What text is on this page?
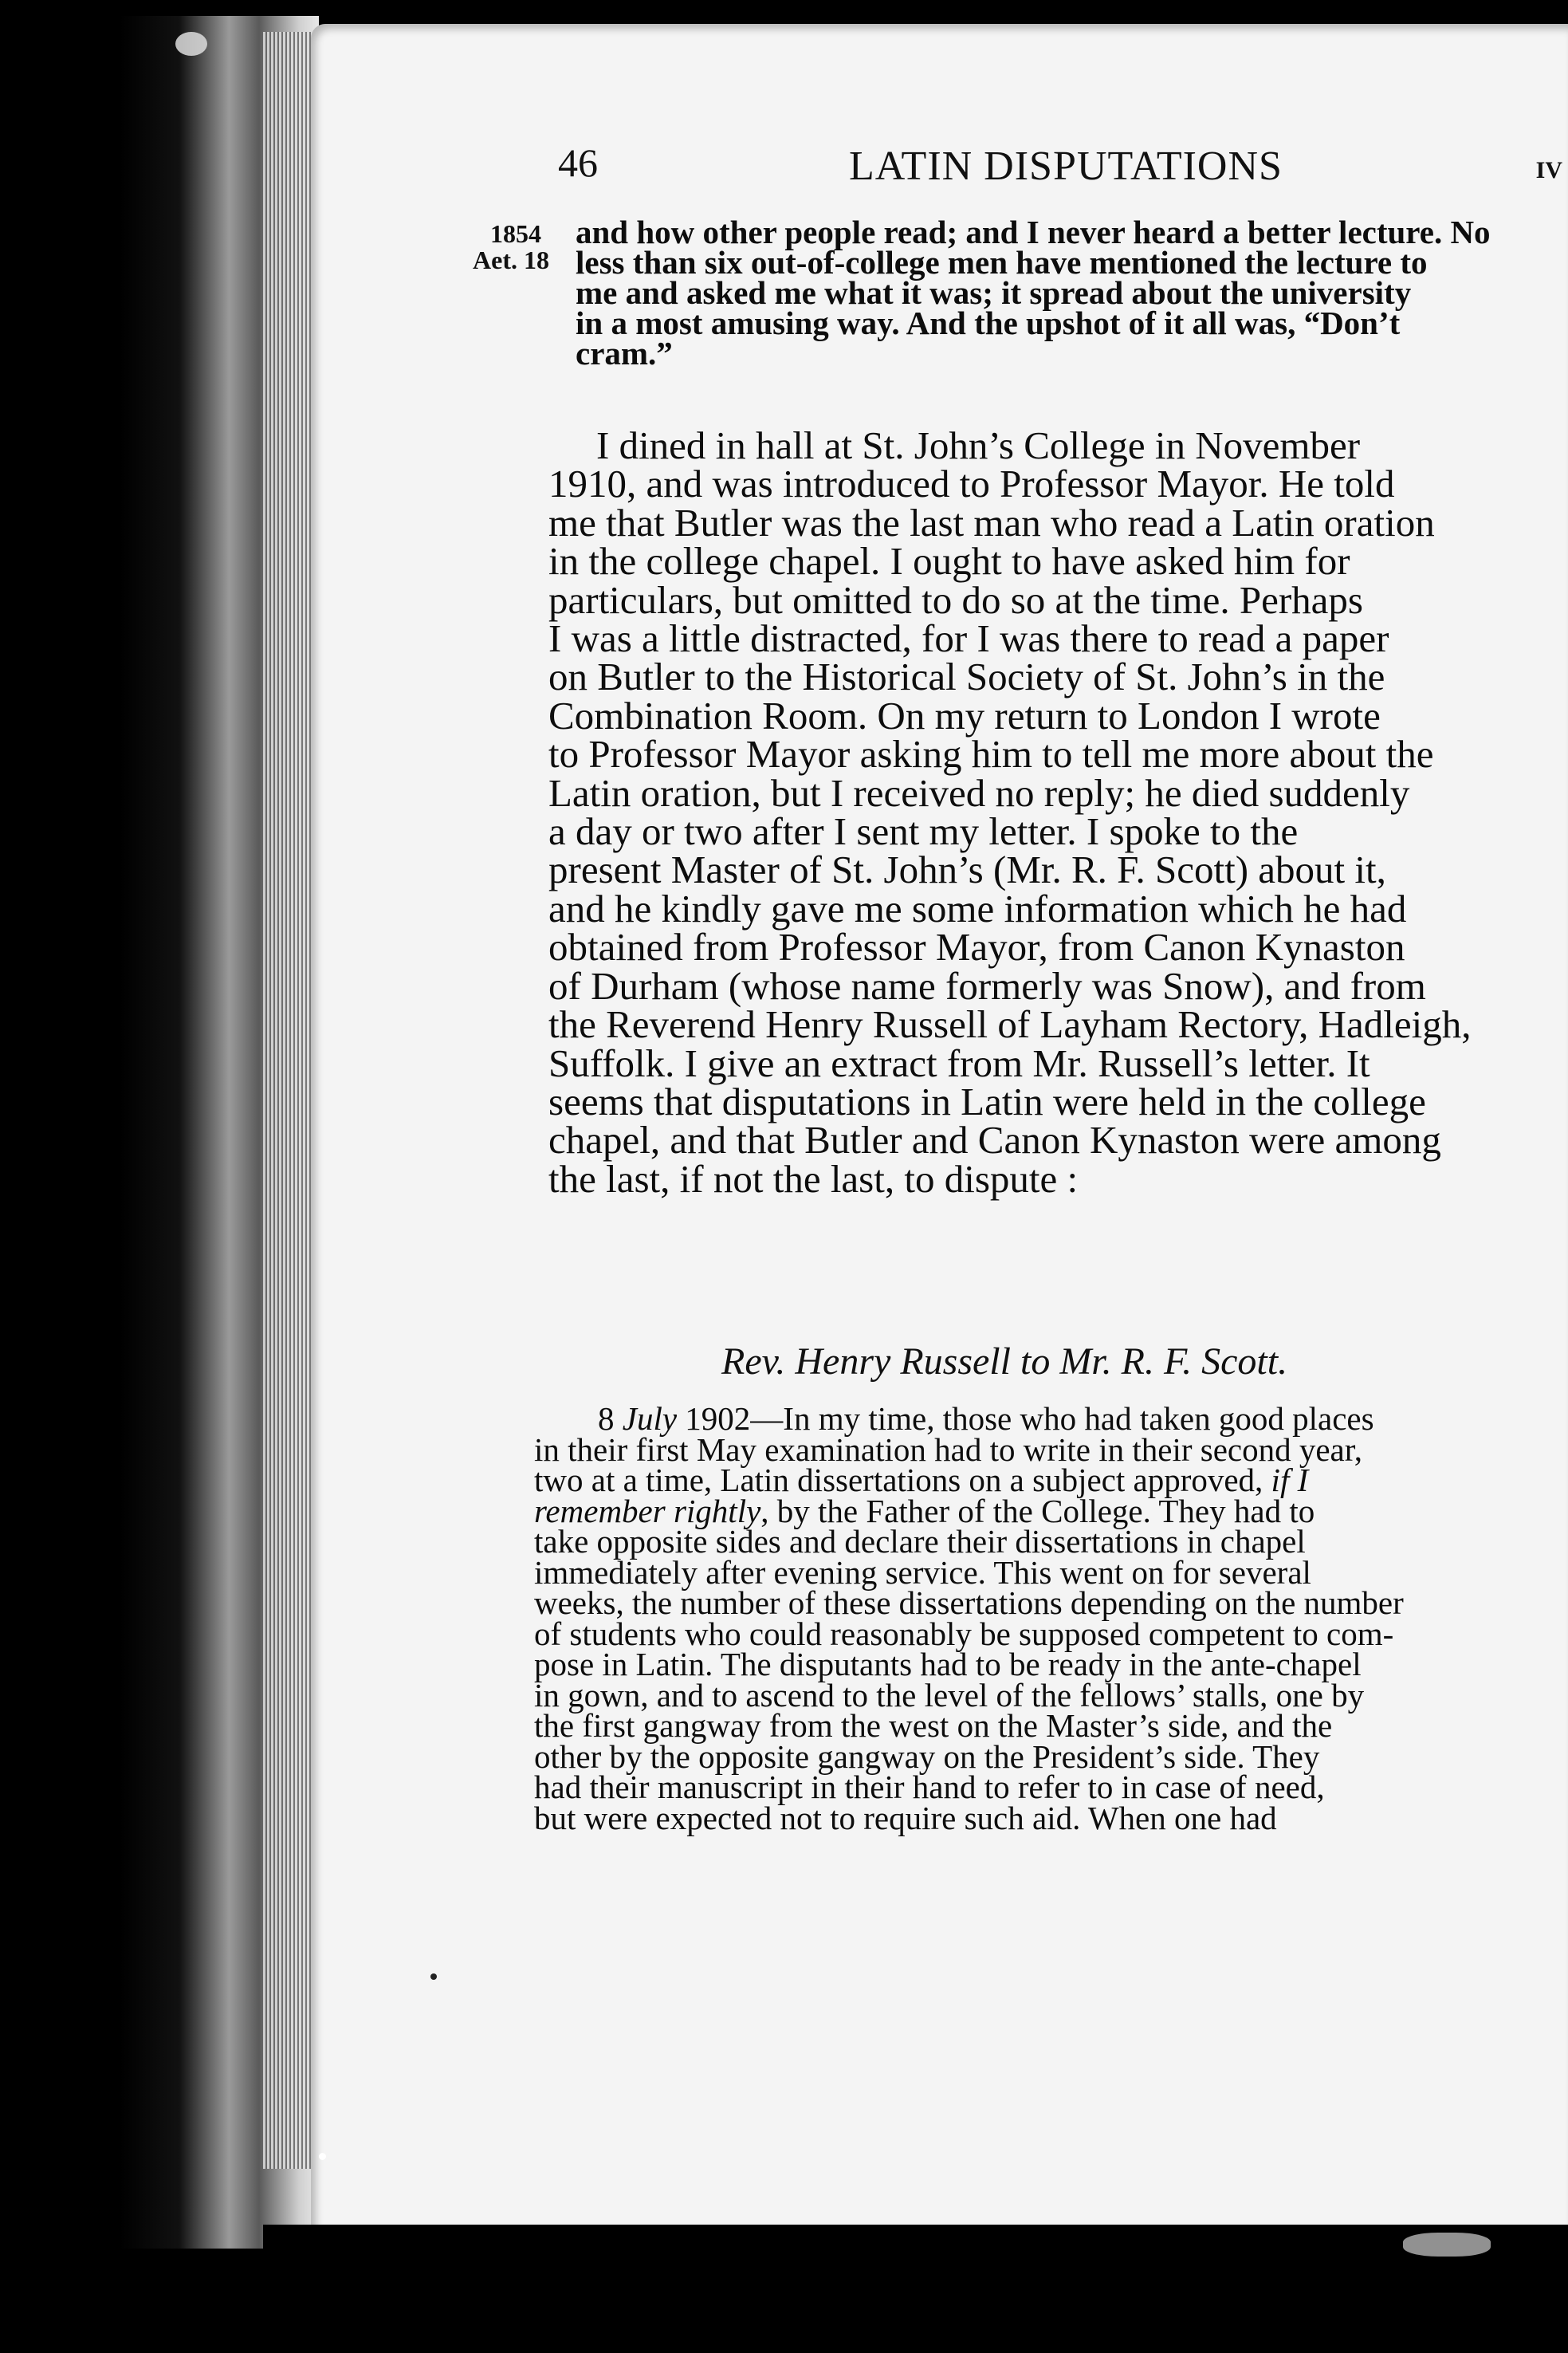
46	LATIN DISPUTATIONS	IV
1854
Aet. 18
and how other people read; and I never heard a better lecture. No
less than six out-of-college men have mentioned the lecture to
me and asked me what it was; it spread about the university
in a most amusing way. And the upshot of it all was, “Don’t
cram.”
I dined in hall at St. John’s College in November
1910, and was introduced to Professor Mayor. He told
me that Butler was the last man who read a Latin oration
in the college chapel. I ought to have asked him for
particulars, but omitted to do so at the time. Perhaps
I was a little distracted, for I was there to read a paper
on Butler to the Historical Society of St. John’s in the
Combination Room. On my return to London I wrote
to Professor Mayor asking him to tell me more about the
Latin oration, but I received no reply; he died suddenly
a day or two after I sent my letter. I spoke to the
present Master of St. John’s (Mr. R. F. Scott) about it,
and he kindly gave me some information which he had
obtained from Professor Mayor, from Canon Kynaston
of Durham (whose name formerly was Snow), and from
the Reverend Henry Russell of Layham Rectory, Hadleigh,
Suffolk. I give an extract from Mr. Russell’s letter. It
seems that disputations in Latin were held in the college
chapel, and that Butler and Canon Kynaston were among
the last, if not the last, to dispute :
Rev. Henry Russell to Mr. R. F. Scott.
8 July 1902—In my time, those who had taken good places
in their first May examination had to write in their second year,
two at a time, Latin dissertations on a subject approved, if I
remember rightly, by the Father of the College. They had to
take opposite sides and declare their dissertations in chapel
immediately after evening service. This went on for several
weeks, the number of these dissertations depending on the number
of students who could reasonably be supposed competent to com-
pose in Latin. The disputants had to be ready in the ante-chapel
in gown, and to ascend to the level of the fellows’ stalls, one by
the first gangway from the west on the Master’s side, and the
other by the opposite gangway on the President’s side. They
had their manuscript in their hand to refer to in case of need,
but were expected not to require such aid. When one had
